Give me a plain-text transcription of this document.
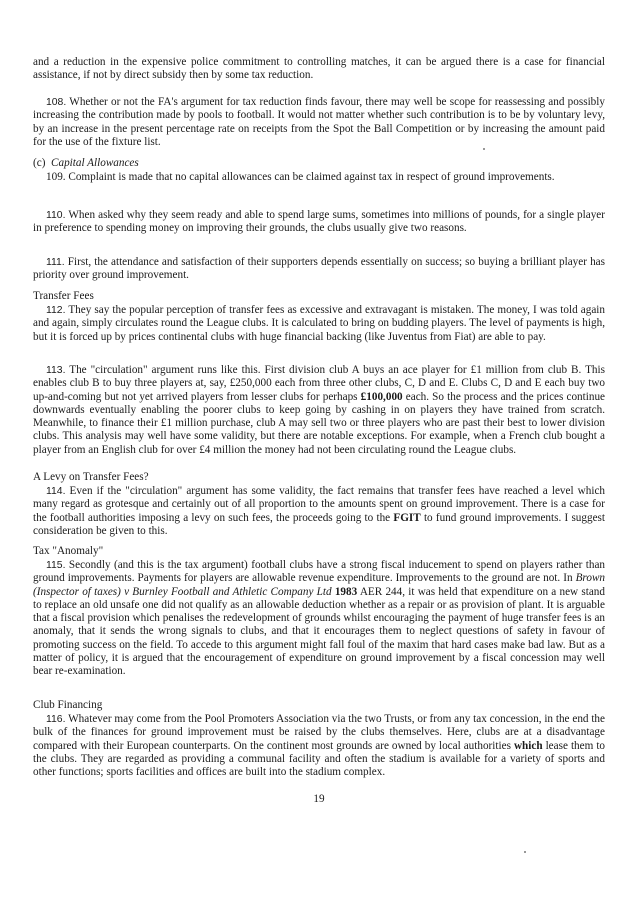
and a reduction in the expensive police commitment to controlling matches, it can be argued there is a case for financial assistance, if not by direct subsidy then by some tax reduction.

108. Whether or not the FA's argument for tax reduction finds favour, there may well be scope for reassessing and possibly increasing the contribution made by pools to football. It would not matter whether such contribution is to be by voluntary levy, by an increase in the present percentage rate on receipts from the Spot the Ball Competition or by increasing the amount paid for the use of the fixture list.

(c) Capital Allowances

109. Complaint is made that no capital allowances can be claimed against tax in respect of ground improvements.

110. When asked why they seem ready and able to spend large sums, sometimes into millions of pounds, for a single player in preference to spending money on improving their grounds, the clubs usually give two reasons.

111. First, the attendance and satisfaction of their supporters depends essentially on success; so buying a brilliant player has priority over ground improvement.

Transfer Fees

112. They say the popular perception of transfer fees as excessive and extravagant is mistaken. The money, I was told again and again, simply circulates round the League clubs. It is calculated to bring on budding players. The level of payments is high, but it is forced up by prices continental clubs with huge financial backing (like Juventus from Fiat) are able to pay.

113. The "circulation" argument runs like this. First division club A buys an ace player for £1 million from club B. This enables club B to buy three players at, say, £250,000 each from three other clubs, C, D and E. Clubs C, D and E each buy two up-and-coming but not yet arrived players from lesser clubs for perhaps £100,000 each. So the process and the prices continue downwards eventually enabling the poorer clubs to keep going by cashing in on players they have trained from scratch. Meanwhile, to finance their £1 million purchase, club A may sell two or three players who are past their best to lower division clubs. This analysis may well have some validity, but there are notable exceptions. For example, when a French club bought a player from an English club for over £4 million the money had not been circulating round the League clubs.

A Levy on Transfer Fees?

114. Even if the "circulation" argument has some validity, the fact remains that transfer fees have reached a level which many regard as grotesque and certainly out of all proportion to the amounts spent on ground improvement. There is a case for the football authorities imposing a levy on such fees, the proceeds going to the FGIT to fund ground improvements. I suggest consideration be given to this.

Tax "Anomaly"

115. Secondly (and this is the tax argument) football clubs have a strong fiscal inducement to spend on players rather than ground improvements. Payments for players are allowable revenue expenditure. Improvements to the ground are not. In Brown (Inspector of taxes) v Burnley Football and Athletic Company Ltd 1983 AER 244, it was held that expenditure on a new stand to replace an old unsafe one did not qualify as an allowable deduction whether as a repair or as provision of plant. It is arguable that a fiscal provision which penalises the redevelopment of grounds whilst encouraging the payment of huge transfer fees is an anomaly, that it sends the wrong signals to clubs, and that it encourages them to neglect questions of safety in favour of promoting success on the field. To accede to this argument might fall foul of the maxim that hard cases make bad law. But as a matter of policy, it is argued that the encouragement of expenditure on ground improvement by a fiscal concession may well bear re-examination.

Club Financing

116. Whatever may come from the Pool Promoters Association via the two Trusts, or from any tax concession, in the end the bulk of the finances for ground improvement must be raised by the clubs themselves. Here, clubs are at a disadvantage compared with their European counterparts. On the continent most grounds are owned by local authorities which lease them to the clubs. They are regarded as providing a communal facility and often the stadium is available for a variety of sports and other functions; sports facilities and offices are built into the stadium complex.

19
